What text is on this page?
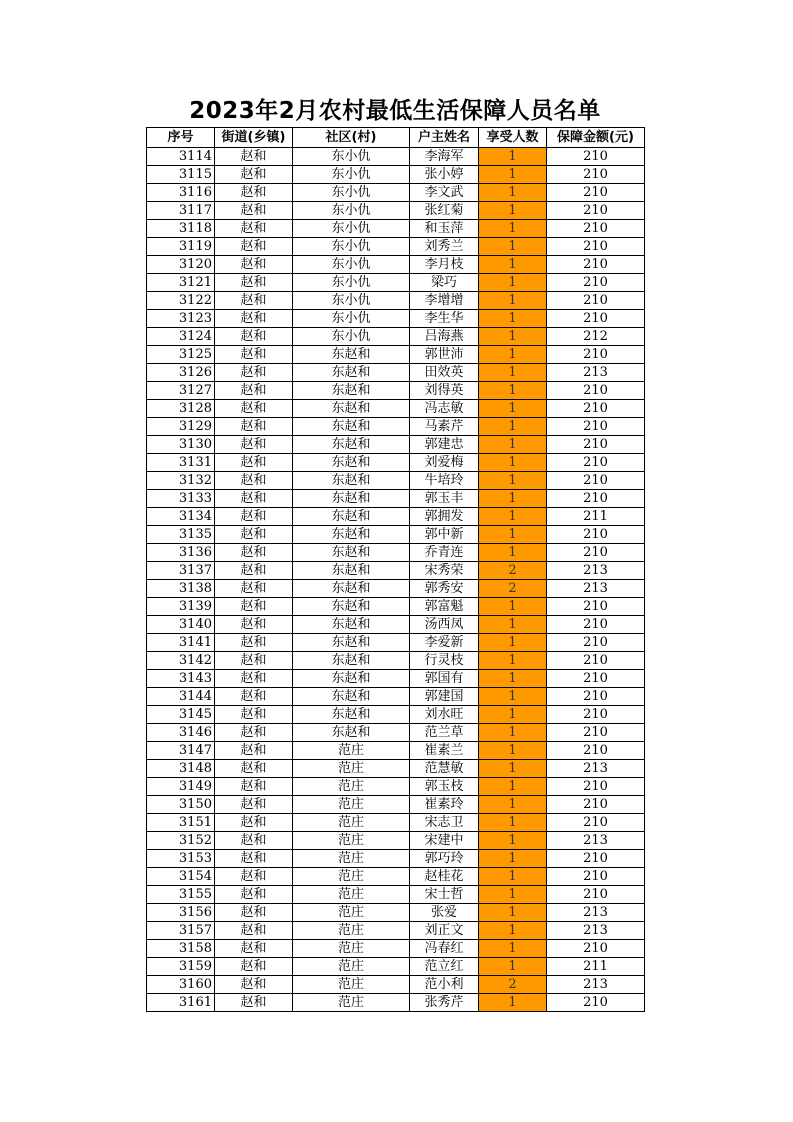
2023年2月农村最低生活保障人员名单
序号	街道(乡镇)	社区(村)	户主姓名	享受人数	保障金额(元)
3114	赵和	东小仇	李海军	1	210
3115	赵和	东小仇	张小婷	1	210
3116	赵和	东小仇	李文武	1	210
3117	赵和	东小仇	张红菊	1	210
3118	赵和	东小仇	和玉萍	1	210
3119	赵和	东小仇	刘秀兰	1	210
3120	赵和	东小仇	李月枝	1	210
3121	赵和	东小仇	梁巧	1	210
3122	赵和	东小仇	李增增	1	210
3123	赵和	东小仇	李生华	1	210
3124	赵和	东小仇	吕海燕	1	212
3125	赵和	东赵和	郭世沛	1	210
3126	赵和	东赵和	田效英	1	213
3127	赵和	东赵和	刘得英	1	210
3128	赵和	东赵和	冯志敏	1	210
3129	赵和	东赵和	马素芹	1	210
3130	赵和	东赵和	郭建忠	1	210
3131	赵和	东赵和	刘爱梅	1	210
3132	赵和	东赵和	牛培玲	1	210
3133	赵和	东赵和	郭玉丰	1	210
3134	赵和	东赵和	郭拥发	1	211
3135	赵和	东赵和	郭中新	1	210
3136	赵和	东赵和	乔青连	1	210
3137	赵和	东赵和	宋秀荣	2	213
3138	赵和	东赵和	郭秀安	2	213
3139	赵和	东赵和	郭富魁	1	210
3140	赵和	东赵和	汤西凤	1	210
3141	赵和	东赵和	李爱新	1	210
3142	赵和	东赵和	行灵枝	1	210
3143	赵和	东赵和	郭国有	1	210
3144	赵和	东赵和	郭建国	1	210
3145	赵和	东赵和	刘水旺	1	210
3146	赵和	东赵和	范兰草	1	210
3147	赵和	范庄	崔素兰	1	210
3148	赵和	范庄	范慧敏	1	213
3149	赵和	范庄	郭玉枝	1	210
3150	赵和	范庄	崔素玲	1	210
3151	赵和	范庄	宋志卫	1	210
3152	赵和	范庄	宋建中	1	213
3153	赵和	范庄	郭巧玲	1	210
3154	赵和	范庄	赵桂花	1	210
3155	赵和	范庄	宋士哲	1	210
3156	赵和	范庄	张爱	1	213
3157	赵和	范庄	刘正文	1	213
3158	赵和	范庄	冯春红	1	210
3159	赵和	范庄	范立红	1	211
3160	赵和	范庄	范小利	2	213
3161	赵和	范庄	张秀芹	1	210
